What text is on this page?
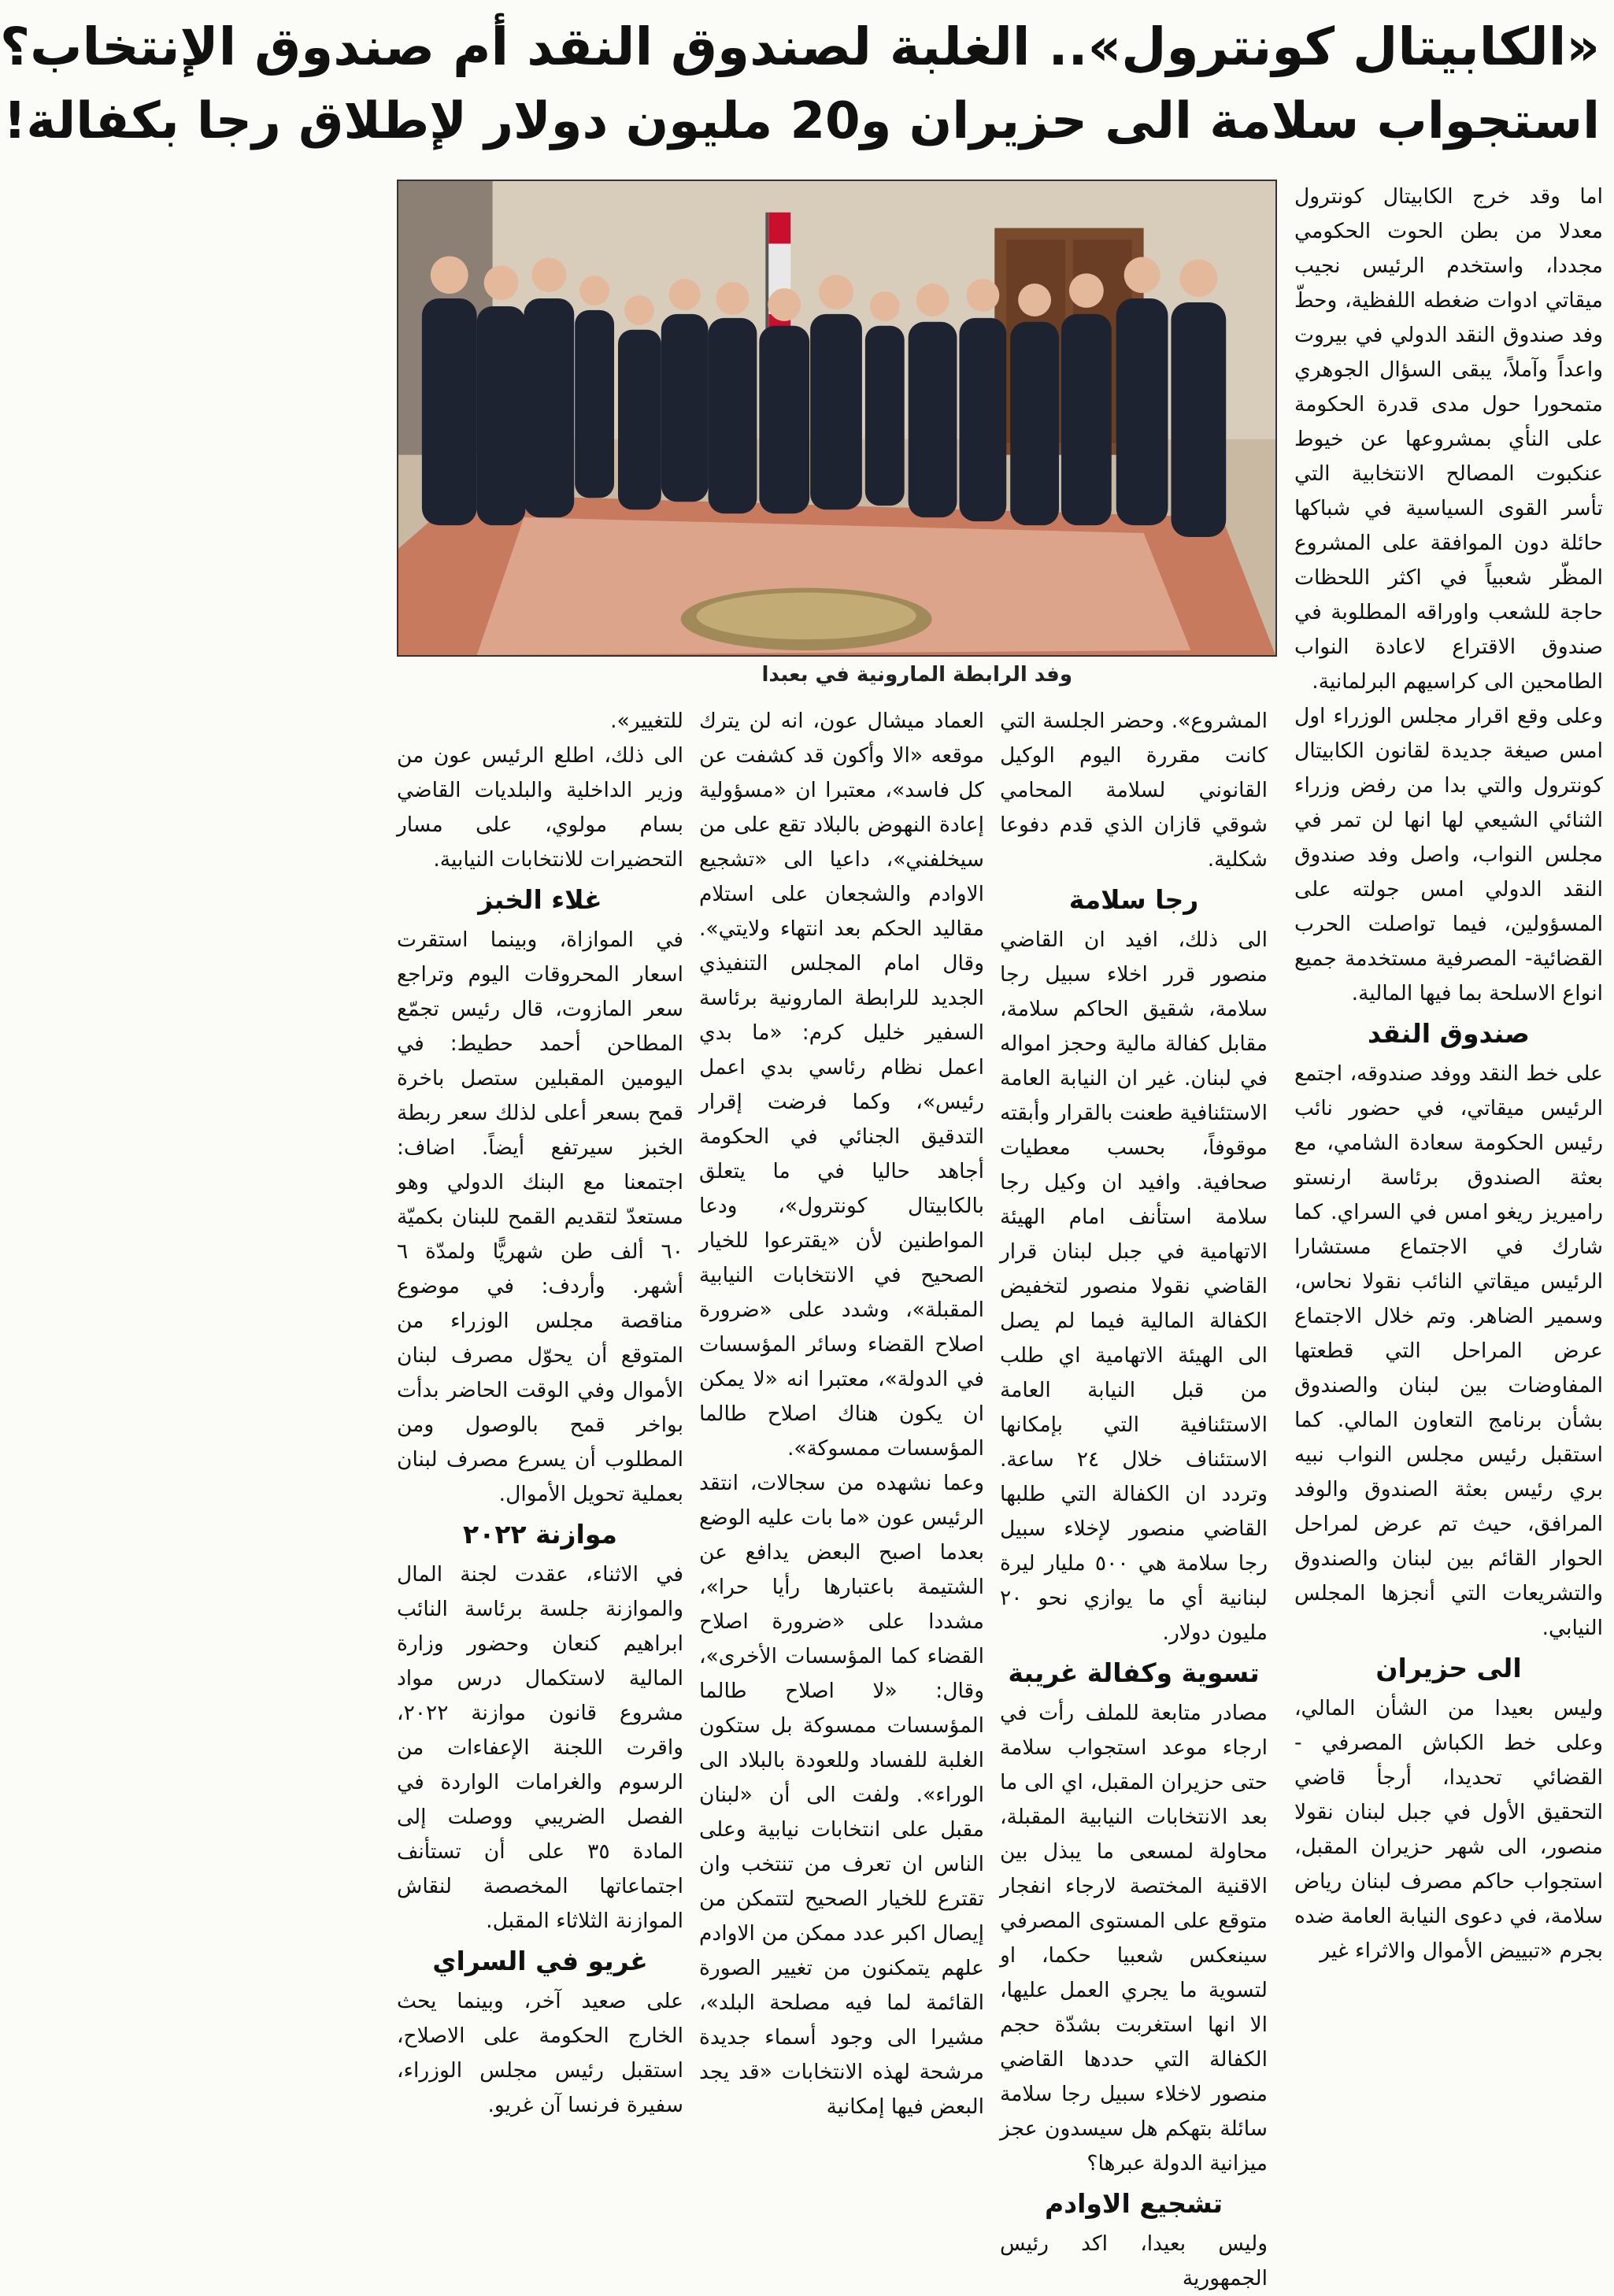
«الكابيتال كونترول».. الغلبة لصندوق النقد أم صندوق الإنتخاب؟
استجواب سلامة الى حزيران و20 مليون دولار لإطلاق رجا بكفالة!
وفد الرابطة المارونية في بعبدا

اما وقد خرج الكابيتال كونترول معدلا من بطن الحوت الحكومي مجددا، واستخدم الرئيس نجيب ميقاتي ادوات ضغطه اللفظية، وحطّ وفد صندوق النقد الدولي في بيروت واعداً وآملاً، يبقى السؤال الجوهري متمحورا حول مدى قدرة الحكومة على النأي بمشروعها عن خيوط عنكبوت المصالح الانتخابية التي تأسر القوى السياسية في شباكها حائلة دون الموافقة على المشروع المظّر شعبياً في اكثر اللحظات حاجة للشعب واوراقه المطلوبة في صندوق الاقتراع لاعادة النواب الطامحين الى كراسيهم البرلمانية.

وعلى وقع اقرار مجلس الوزراء اول امس صيغة جديدة لقانون الكابيتال كونترول والتي بدا من رفض وزراء الثنائي الشيعي لها انها لن تمر في مجلس النواب، واصل وفد صندوق النقد الدولي امس جولته على المسؤولين، فيما تواصلت الحرب القضائية- المصرفية مستخدمة جميع انواع الاسلحة بما فيها المالية.

صندوق النقد

على خط النقد ووفد صندوقه، اجتمع الرئيس ميقاتي، في حضور نائب رئيس الحكومة سعادة الشامي، مع بعثة الصندوق برئاسة ارنستو راميريز ريغو امس في السراي. كما شارك في الاجتماع مستشارا الرئيس ميقاتي النائب نقولا نحاس، وسمير الضاهر. وتم خلال الاجتماع عرض المراحل التي قطعتها المفاوضات بين لبنان والصندوق بشأن برنامج التعاون المالي. كما استقبل رئيس مجلس النواب نبيه بري رئيس بعثة الصندوق والوفد المرافق، حيث تم عرض لمراحل الحوار القائم بين لبنان والصندوق والتشريعات التي أنجزها المجلس النيابي.

الى حزيران

وليس بعيدا من الشأن المالي، وعلى خط الكباش المصرفي - القضائي تحديدا، أرجأ قاضي التحقيق الأول في جبل لبنان نقولا منصور، الى شهر حزيران المقبل، استجواب حاكم مصرف لبنان رياض سلامة، في دعوى النيابة العامة ضده بجرم «تبييض الأموال والاثراء غير

المشروع». وحضر الجلسة التي كانت مقررة اليوم الوكيل القانوني لسلامة المحامي شوقي قازان الذي قدم دفوعا شكلية.

رجا سلامة

الى ذلك، افيد ان القاضي منصور قرر اخلاء سبيل رجا سلامة، شقيق الحاكم سلامة، مقابل كفالة مالية وحجز امواله في لبنان. غير ان النيابة العامة الاستئنافية طعنت بالقرار وأبقته موقوفاً، بحسب معطيات صحافية. وافيد ان وكيل رجا سلامة استأنف امام الهيئة الاتهامية في جبل لبنان قرار القاضي نقولا منصور لتخفيض الكفالة المالية فيما لم يصل الى الهيئة الاتهامية اي طلب من قبل النيابة العامة الاستئنافية التي بإمكانها الاستئناف خلال ٢٤ ساعة. وتردد ان الكفالة التي طلبها القاضي منصور لإخلاء سبيل رجا سلامة هي ٥٠٠ مليار ليرة لبنانية أي ما يوازي نحو ٢٠ مليون دولار.

تسوية وكفالة غريبة

مصادر متابعة للملف رأت في ارجاء موعد استجواب سلامة حتى حزيران المقبل، اي الى ما بعد الانتخابات النيابية المقبلة، محاولة لمسعى ما يبذل بين الاقنية المختصة لارجاء انفجار متوقع على المستوى المصرفي سينعكس شعبيا حكما، او لتسوية ما يجري العمل عليها، الا انها استغربت بشدّة حجم الكفالة التي حددها القاضي منصور لاخلاء سبيل رجا سلامة سائلة بتهكم هل سيسدون عجز ميزانية الدولة عبرها؟

تشجيع الاوادم

وليس بعيدا، اكد رئيس الجمهورية

العماد ميشال عون، انه لن يترك موقعه «الا وأكون قد كشفت عن كل فاسد»، معتبرا ان «مسؤولية إعادة النهوض بالبلاد تقع على من سيخلفني»، داعيا الى «تشجيع الاوادم والشجعان على استلام مقاليد الحكم بعد انتهاء ولايتي». وقال امام المجلس التنفيذي الجديد للرابطة المارونية برئاسة السفير خليل كرم: «ما بدي اعمل نظام رئاسي بدي اعمل رئيس»، وكما فرضت إقرار التدقيق الجنائي في الحكومة أجاهد حاليا في ما يتعلق بالكابيتال كونترول»، ودعا المواطنين لأن «يقترعوا للخيار الصحيح في الانتخابات النيابية المقبلة»، وشدد على «ضرورة اصلاح القضاء وسائر المؤسسات في الدولة»، معتبرا انه «لا يمكن ان يكون هناك اصلاح طالما المؤسسات ممسوكة».

وعما نشهده من سجالات، انتقد الرئيس عون «ما بات عليه الوضع بعدما اصبح البعض يدافع عن الشتيمة باعتبارها رأيا حرا»، مشددا على «ضرورة اصلاح القضاء كما المؤسسات الأخرى»، وقال: «لا اصلاح طالما المؤسسات ممسوكة بل ستكون الغلبة للفساد وللعودة بالبلاد الى الوراء». ولفت الى أن «لبنان مقبل على انتخابات نيابية وعلى الناس ان تعرف من تنتخب وان تقترع للخيار الصحيح لتتمكن من إيصال اكبر عدد ممكن من الاوادم علهم يتمكنون من تغيير الصورة القائمة لما فيه مصلحة البلد»، مشيرا الى وجود أسماء جديدة مرشحة لهذه الانتخابات «قد يجد البعض فيها إمكانية

للتغيير».

الى ذلك، اطلع الرئيس عون من وزير الداخلية والبلديات القاضي بسام مولوي، على مسار التحضيرات للانتخابات النيابية.

غلاء الخبز

في الموازاة، وبينما استقرت اسعار المحروقات اليوم وتراجع سعر المازوت، قال رئيس تجمّع المطاحن أحمد حطيط: في اليومين المقبلين ستصل باخرة قمح بسعر أعلى لذلك سعر ربطة الخبز سيرتفع أيضاً. اضاف: اجتمعنا مع البنك الدولي وهو مستعدّ لتقديم القمح للبنان بكميّة ٦٠ ألف طن شهريًّا ولمدّة ٦ أشهر. وأردف: في موضوع مناقصة مجلس الوزراء من المتوقع أن يحوّل مصرف لبنان الأموال وفي الوقت الحاضر بدأت بواخر قمح بالوصول ومن المطلوب أن يسرع مصرف لبنان بعملية تحويل الأموال.

موازنة ٢٠٢٢

في الاثناء، عقدت لجنة المال والموازنة جلسة برئاسة النائب ابراهيم كنعان وحضور وزارة المالية لاستكمال درس مواد مشروع قانون موازنة ٢٠٢٢، واقرت اللجنة الإعفاءات من الرسوم والغرامات الواردة في الفصل الضريبي ووصلت إلى المادة ٣٥ على أن تستأنف اجتماعاتها المخصصة لنقاش الموازنة الثلاثاء المقبل.

غريو في السراي

على صعيد آخر، وبينما يحث الخارج الحكومة على الاصلاح، استقبل رئيس مجلس الوزراء، سفيرة فرنسا آن غريو.
